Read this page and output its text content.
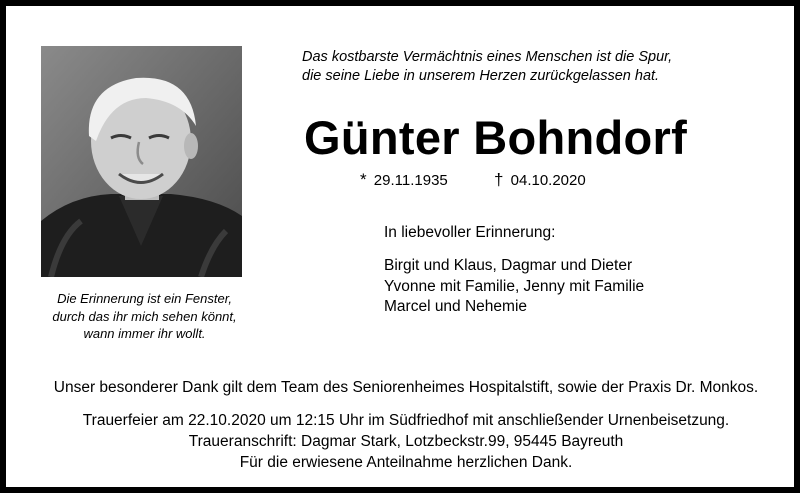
Die Erinnerung ist ein Fenster,
durch das ihr mich sehen könnt,
wann immer ihr wollt.
Das kostbarste Vermächtnis eines Menschen ist die Spur,
die seine Liebe in unserem Herzen zurückgelassen hat.
Günter Bohndorf
* 29.11.1935	† 04.10.2020
In liebevoller Erinnerung:
Birgit und Klaus, Dagmar und Dieter
Yvonne mit Familie, Jenny mit Familie
Marcel und Nehemie
Unser besonderer Dank gilt dem Team des Seniorenheimes Hospitalstift, sowie der Praxis Dr. Monkos.
Trauerfeier am 22.10.2020 um 12:15 Uhr im Südfriedhof mit anschließender Urnenbeisetzung.
Traueranschrift: Dagmar Stark, Lotzbeckstr.99, 95445 Bayreuth
Für die erwiesene Anteilnahme herzlichen Dank.
